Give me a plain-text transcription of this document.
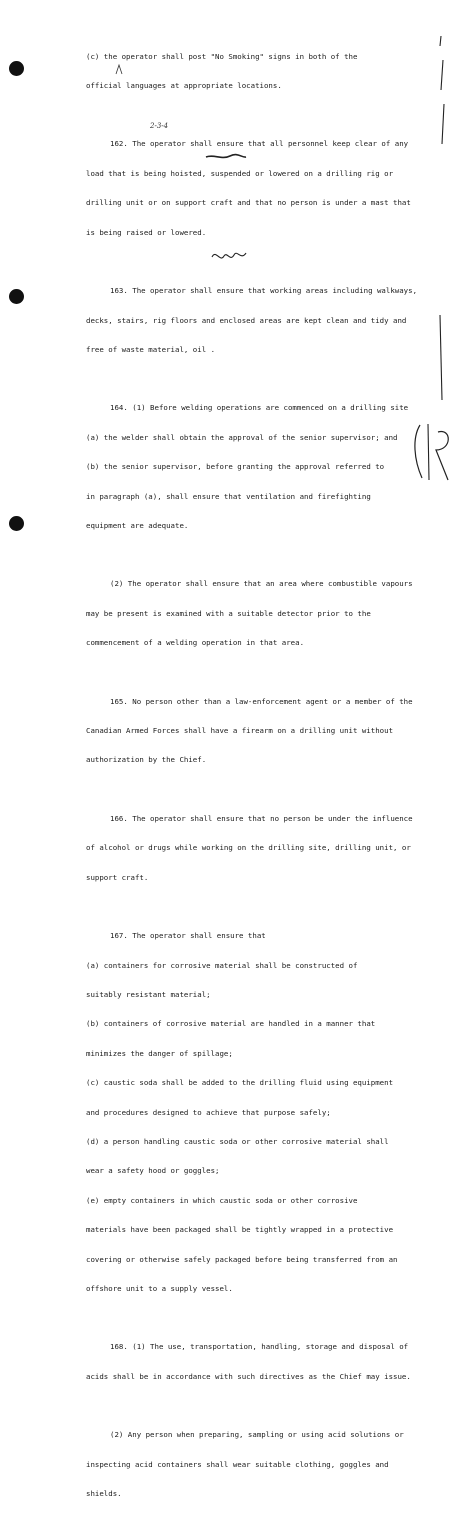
(c) the operator shall post "No Smoking" signs in both of the

official languages at appropriate locations.

162. The operator shall ensure that all personnel keep clear of any

load that is being hoisted, suspended or lowered on a drilling rig or

drilling unit or on support craft and that no person is under a mast that

is being raised or lowered.

163. The operator shall ensure that working areas including walkways,

decks, stairs, rig floors and enclosed areas are kept clean and tidy and

free of waste material, oil .

164. (1) Before welding operations are commenced on a drilling site

(a) the welder shall obtain the approval of the senior supervisor; and

(b) the senior supervisor, before granting the approval referred to

in paragraph (a), shall ensure that ventilation and firefighting

equipment are adequate.

(2) The operator shall ensure that an area where combustible vapours

may be present is examined with a suitable detector prior to the

commencement of a welding operation in that area.

165. No person other than a law-enforcement agent or a member of the

Canadian Armed Forces shall have a firearm on a drilling unit without

authorization by the Chief.

166. The operator shall ensure that no person be under the influence

of alcohol or drugs while working on the drilling site, drilling unit, or

support craft.

167. The operator shall ensure that

(a) containers for corrosive material shall be constructed of

suitably resistant material;

(b) containers of corrosive material are handled in a manner that

minimizes the danger of spillage;

(c) caustic soda shall be added to the drilling fluid using equipment

and procedures designed to achieve that purpose safely;

(d) a person handling caustic soda or other corrosive material shall

wear a safety hood or goggles;

(e) empty containers in which caustic soda or other corrosive

materials have been packaged shall be tightly wrapped in a protective

covering or otherwise safely packaged before being transferred from an

offshore unit to a supply vessel.

168. (1) The use, transportation, handling, storage and disposal of

acids shall be in accordance with such directives as the Chief may issue.

(2) Any person when preparing, sampling or using acid solutions or

inspecting acid containers shall wear suitable clothing, goggles and

shields.

2-3-4
